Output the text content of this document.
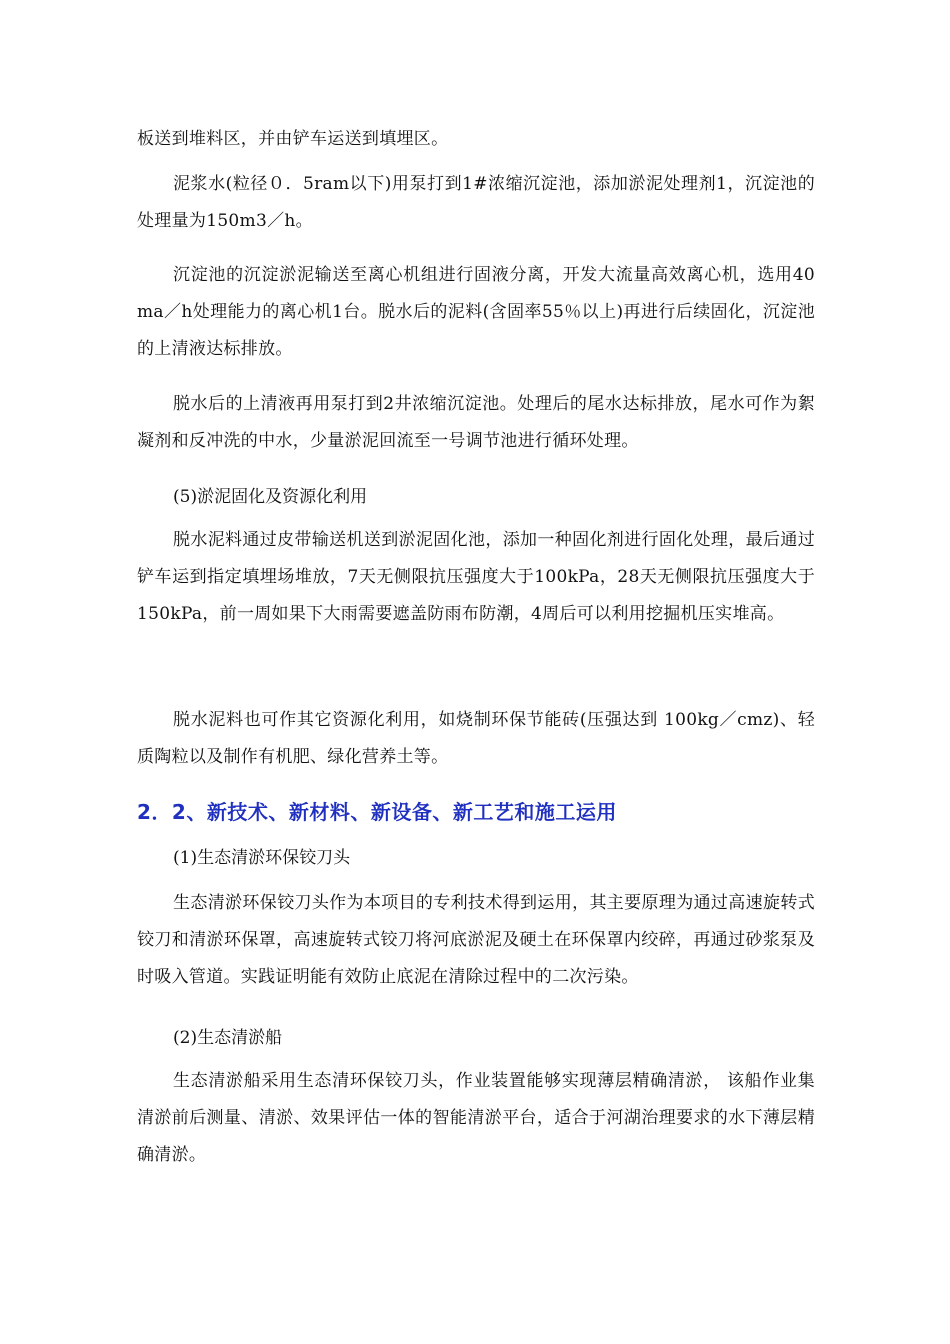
板送到堆料区，并由铲车运送到填埋区。
泥浆水(粒径０．5ram以下)用泵打到1#浓缩沉淀池，添加淤泥处理剂1，沉淀池的处理量为150m3／h。
沉淀池的沉淀淤泥输送至离心机组进行固液分离，开发大流量高效离心机，选用40ma／h处理能力的离心机1台。脱水后的泥料(含固率55％以上)再进行后续固化，沉淀池的上清液达标排放。
脱水后的上清液再用泵打到2井浓缩沉淀池。处理后的尾水达标排放，尾水可作为絮凝剂和反冲洗的中水，少量淤泥回流至一号调节池进行循环处理。
(5)淤泥固化及资源化利用
脱水泥料通过皮带输送机送到淤泥固化池，添加一种固化剂进行固化处理，最后通过铲车运到指定填埋场堆放，7天无侧限抗压强度大于100kPa，28天无侧限抗压强度大于150kPa，前一周如果下大雨需要遮盖防雨布防潮，4周后可以利用挖掘机压实堆高。
脱水泥料也可作其它资源化利用，如烧制环保节能砖(压强达到 100kg／cmz)、轻质陶粒以及制作有机肥、绿化营养土等。
2．2、新技术、新材料、新设备、新工艺和施工运用
(1)生态清淤环保铰刀头
生态清淤环保铰刀头作为本项目的专利技术得到运用，其主要原理为通过高速旋转式铰刀和清淤环保罩，高速旋转式铰刀将河底淤泥及硬土在环保罩内绞碎，再通过砂浆泵及时吸入管道。实践证明能有效防止底泥在清除过程中的二次污染。
(2)生态清淤船
生态清淤船采用生态清环保铰刀头，作业装置能够实现薄层精确清淤， 该船作业集清淤前后测量、清淤、效果评估一体的智能清淤平台，适合于河湖治理要求的水下薄层精确清淤。
